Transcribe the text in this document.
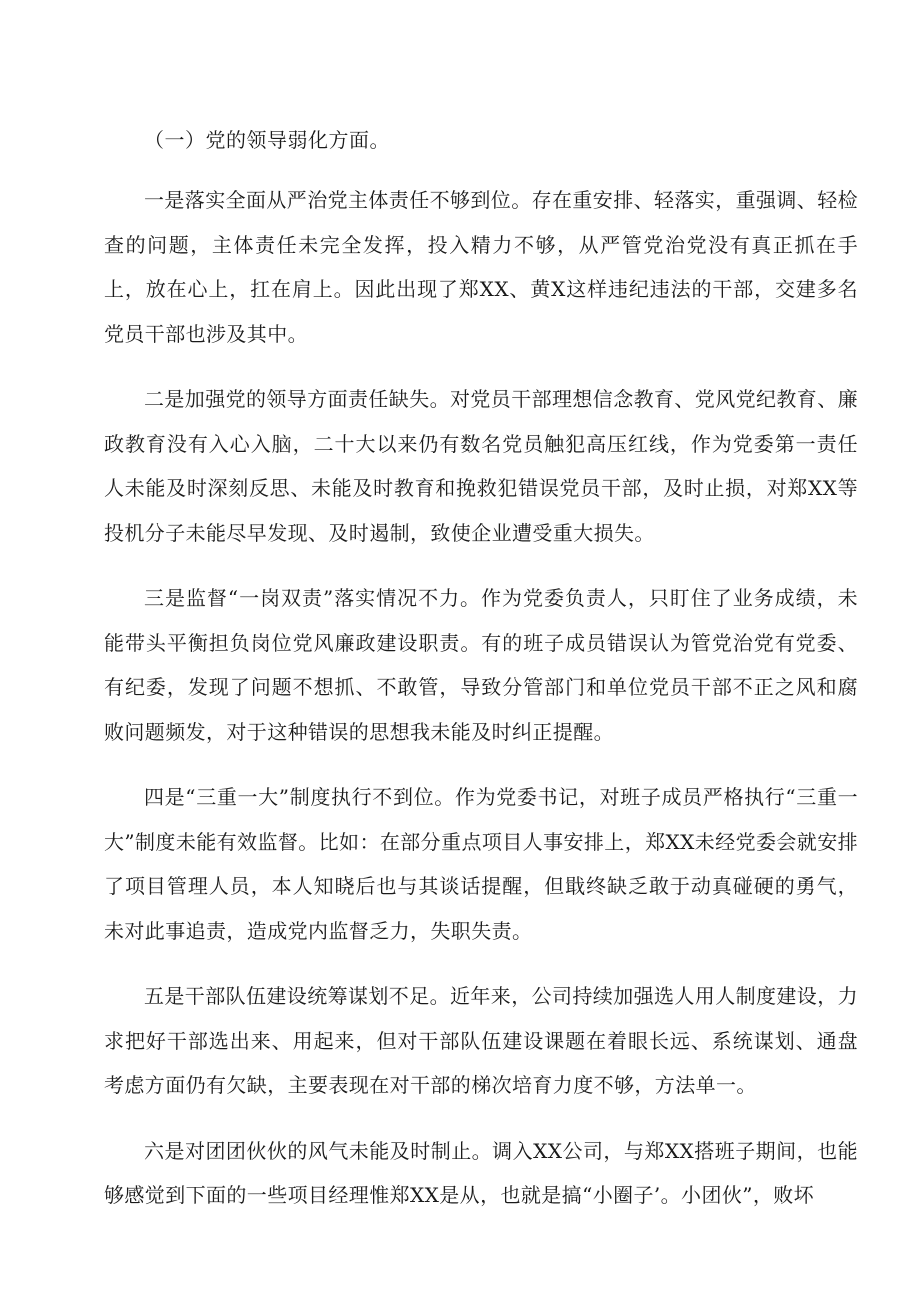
（一）党的领导弱化方面。

一是落实全面从严治党主体责任不够到位。存在重安排、轻落实，重强调、轻检查的问题，主体责任未完全发挥，投入精力不够，从严管党治党没有真正抓在手上，放在心上，扛在肩上。因此出现了郑XX、黄X这样违纪违法的干部，交建多名党员干部也涉及其中。

二是加强党的领导方面责任缺失。对党员干部理想信念教育、党风党纪教育、廉政教育没有入心入脑，二十大以来仍有数名党员触犯高压红线，作为党委第一责任人未能及时深刻反思、未能及时教育和挽救犯错误党员干部，及时止损，对郑XX等投机分子未能尽早发现、及时遏制，致使企业遭受重大损失。

三是监督“一岗双责”落实情况不力。作为党委负责人，只盯住了业务成绩，未能带头平衡担负岗位党风廉政建设职责。有的班子成员错误认为管党治党有党委、有纪委，发现了问题不想抓、不敢管，导致分管部门和单位党员干部不正之风和腐败问题频发，对于这种错误的思想我未能及时纠正提醒。

四是“三重一大”制度执行不到位。作为党委书记，对班子成员严格执行“三重一大”制度未能有效监督。比如：在部分重点项目人事安排上，郑XX未经党委会就安排了项目管理人员，本人知晓后也与其谈话提醒，但戢终缺乏敢于动真碰硬的勇气，未对此事追责，造成党内监督乏力，失职失责。

五是干部队伍建设统筹谋划不足。近年来，公司持续加强选人用人制度建设，力求把好干部选出来、用起来，但对干部队伍建设课题在着眼长远、系统谋划、通盘考虑方面仍有欠缺，主要表现在对干部的梯次培育力度不够，方法单一。

六是对团团伙伙的风气未能及时制止。调入XX公司，与郑XX搭班子期间，也能够感觉到下面的一些项目经理惟郑XX是从，也就是搞“小圈子’。小团伙”，败坏
